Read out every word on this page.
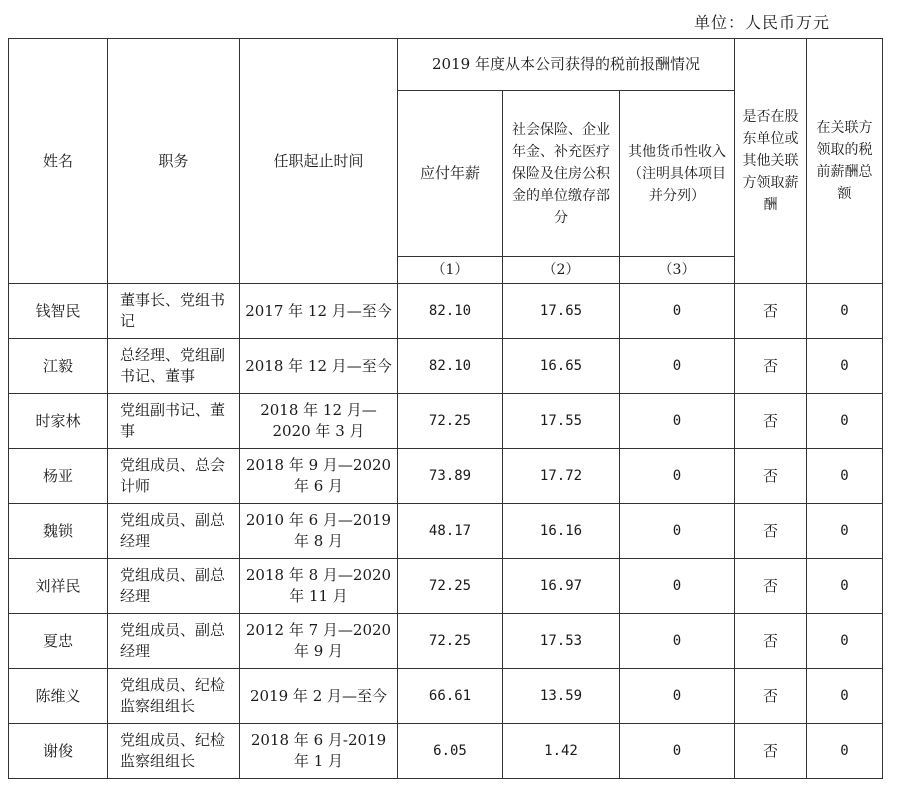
单位：人民币万元
姓名	职务	任职起止时间	2019 年度从本公司获得的税前报酬情况			是否在股东单位或其他关联方领取薪酬	在关联方领取的税前薪酬总额
			应付年薪	社会保险、企业年金、补充医疗保险及住房公积金的单位缴存部分	其他货币性收入（注明具体项目并分列）		
			（1）	（2）	（3）		
钱智民	董事长、党组书记	2017 年 12 月—至今	82.10	17.65	0	否	0
江毅	总经理、党组副书记、董事	2018 年 12 月—至今	82.10	16.65	0	否	0
时家林	党组副书记、董事	2018 年 12 月—2020 年 3 月	72.25	17.55	0	否	0
杨亚	党组成员、总会计师	2018 年 9 月—2020 年 6 月	73.89	17.72	0	否	0
魏锁	党组成员、副总经理	2010 年 6 月—2019 年 8 月	48.17	16.16	0	否	0
刘祥民	党组成员、副总经理	2018 年 8 月—2020 年 11 月	72.25	16.97	0	否	0
夏忠	党组成员、副总经理	2012 年 7 月—2020 年 9 月	72.25	17.53	0	否	0
陈维义	党组成员、纪检监察组组长	2019 年 2 月—至今	66.61	13.59	0	否	0
谢俊	党组成员、纪检监察组组长	2018 年 6 月-2019 年 1 月	6.05	1.42	0	否	0
